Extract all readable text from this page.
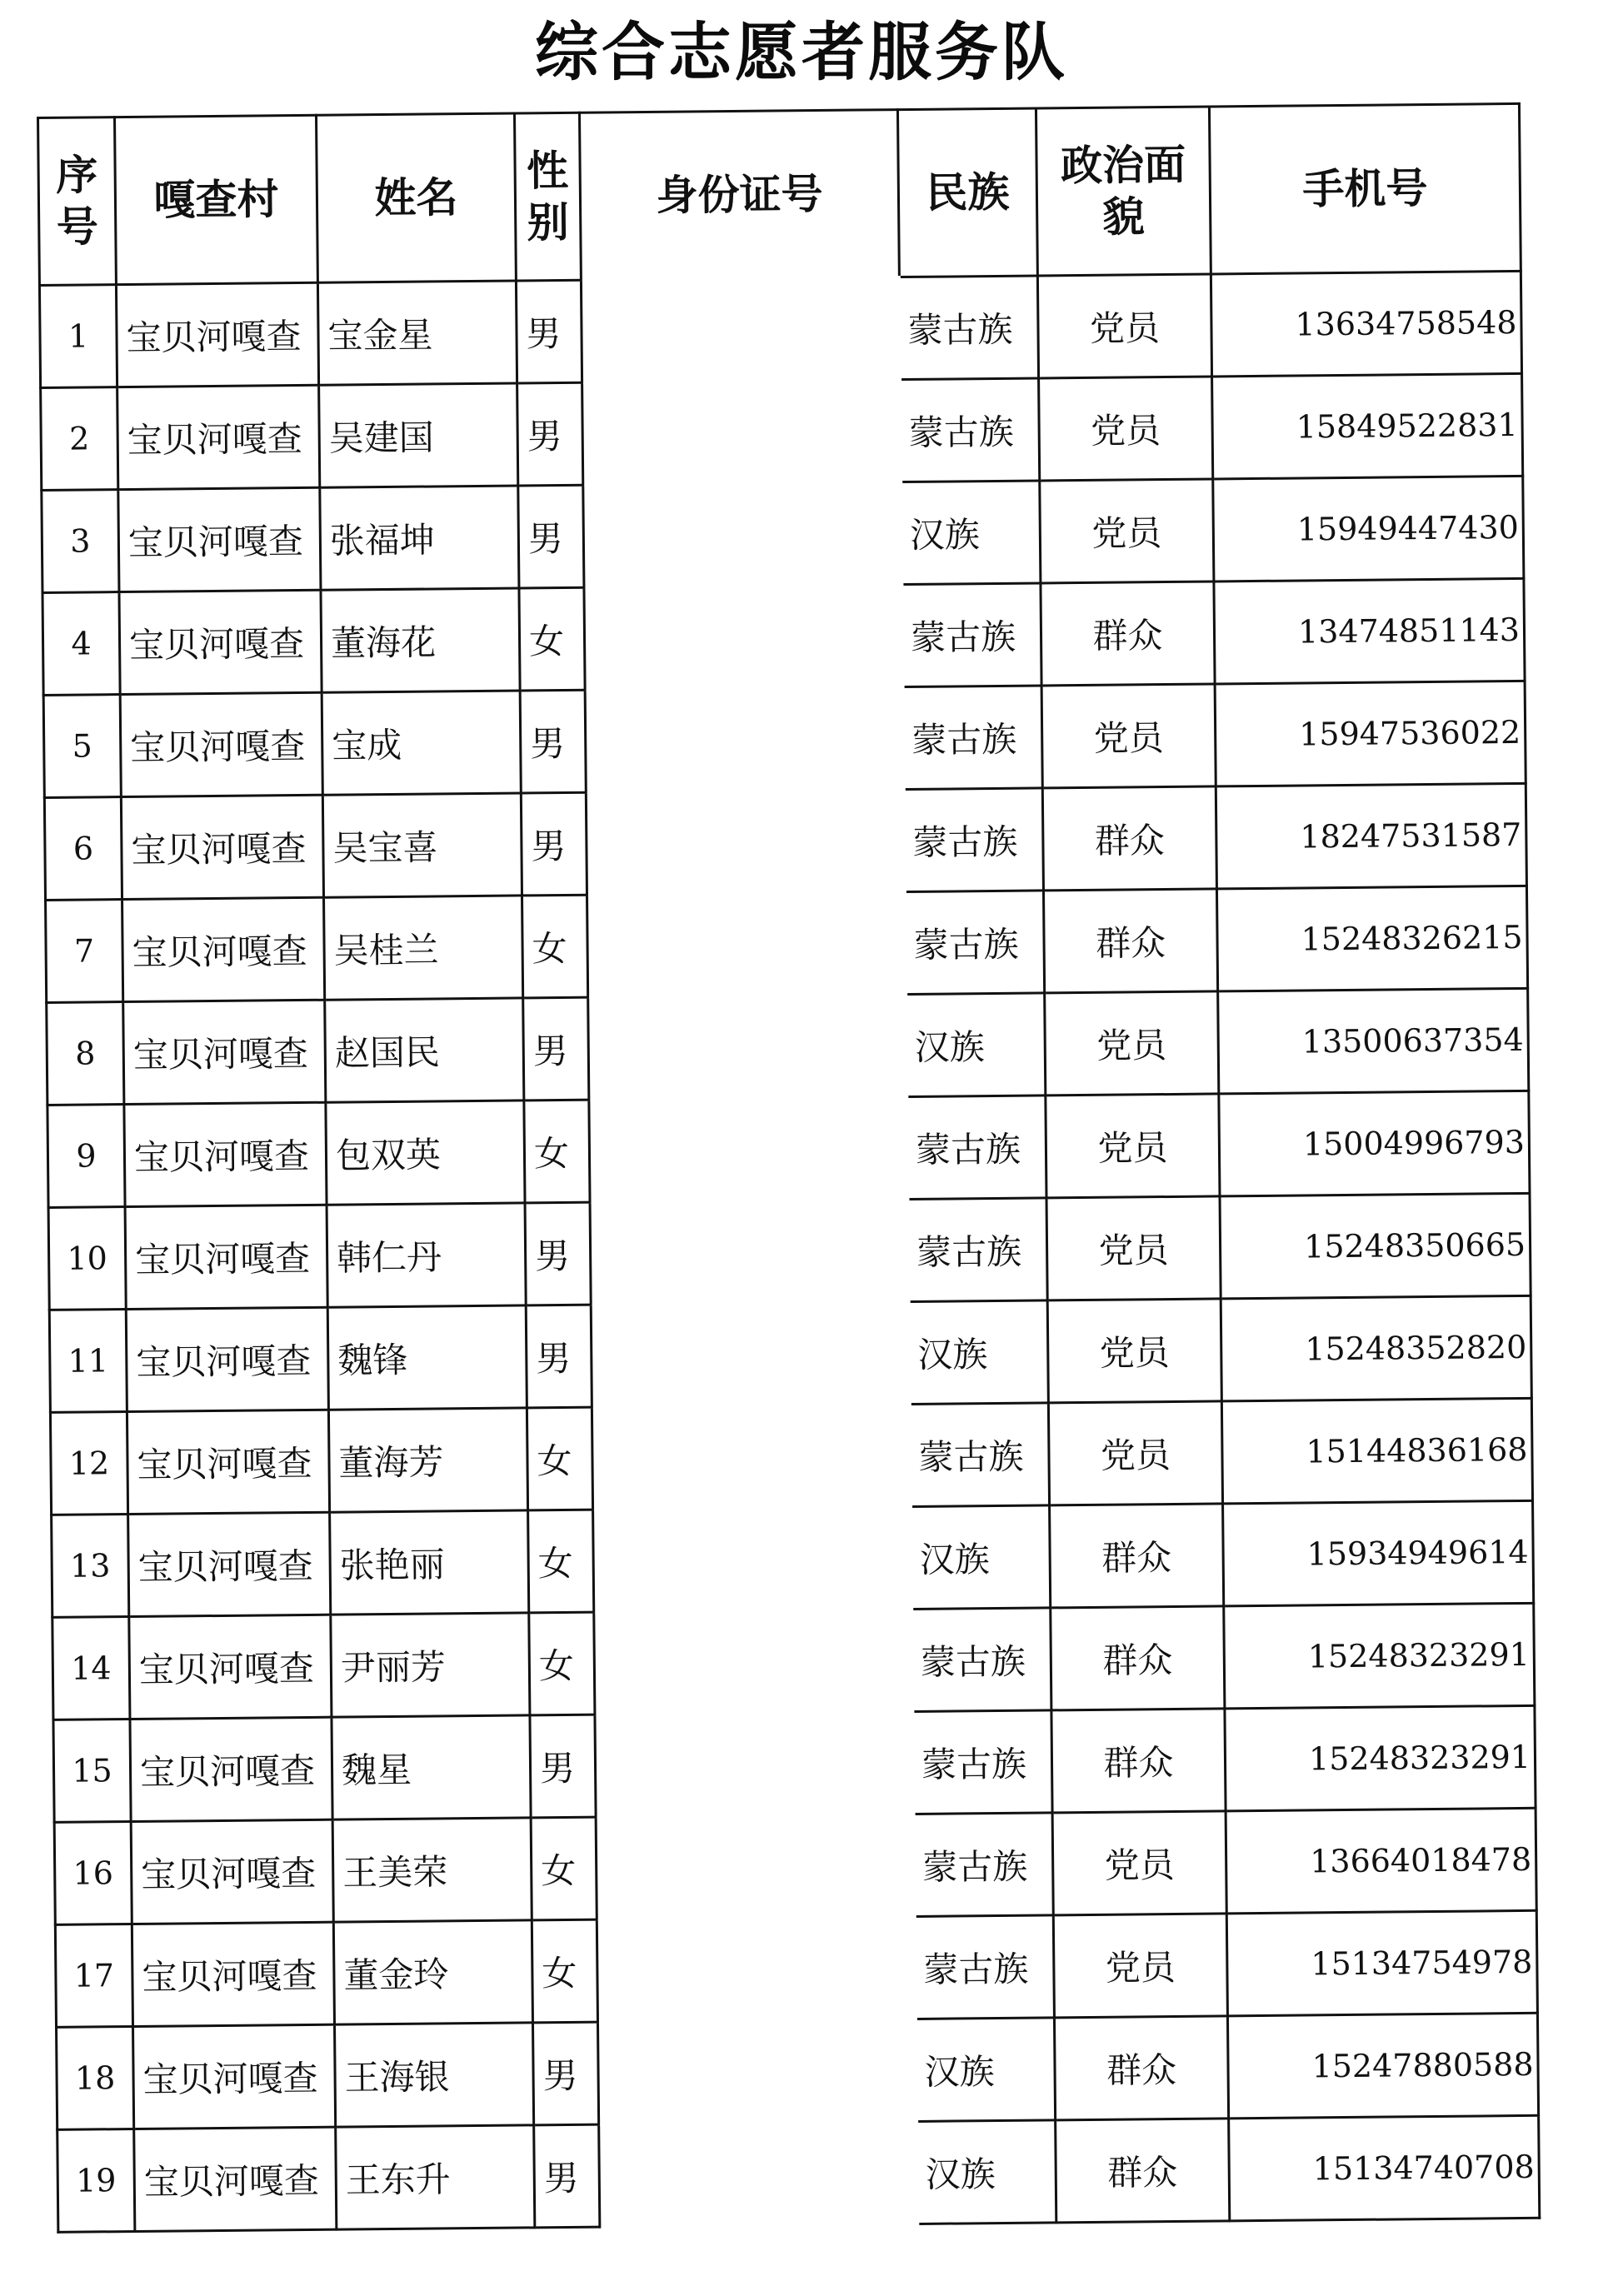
综合志愿者服务队
序号	嘎查村	姓名	性别	身份证号	民族	政治面貌	手机号
1	宝贝河嘎查	宝金星	男		蒙古族	党员	13634758548
2	宝贝河嘎查	吴建国	男		蒙古族	党员	15849522831
3	宝贝河嘎查	张福坤	男		汉族	党员	15949447430
4	宝贝河嘎查	董海花	女		蒙古族	群众	13474851143
5	宝贝河嘎查	宝成	男		蒙古族	党员	15947536022
6	宝贝河嘎查	吴宝喜	男		蒙古族	群众	18247531587
7	宝贝河嘎查	吴桂兰	女		蒙古族	群众	15248326215
8	宝贝河嘎查	赵国民	男		汉族	党员	13500637354
9	宝贝河嘎查	包双英	女		蒙古族	党员	15004996793
10	宝贝河嘎查	韩仁丹	男		蒙古族	党员	15248350665
11	宝贝河嘎查	魏锋	男		汉族	党员	15248352820
12	宝贝河嘎查	董海芳	女		蒙古族	党员	15144836168
13	宝贝河嘎查	张艳丽	女		汉族	群众	15934949614
14	宝贝河嘎查	尹丽芳	女		蒙古族	群众	15248323291
15	宝贝河嘎查	魏星	男		蒙古族	群众	15248323291
16	宝贝河嘎查	王美荣	女		蒙古族	党员	13664018478
17	宝贝河嘎查	董金玲	女		蒙古族	党员	15134754978
18	宝贝河嘎查	王海银	男		汉族	群众	15247880588
19	宝贝河嘎查	王东升	男		汉族	群众	15134740708
